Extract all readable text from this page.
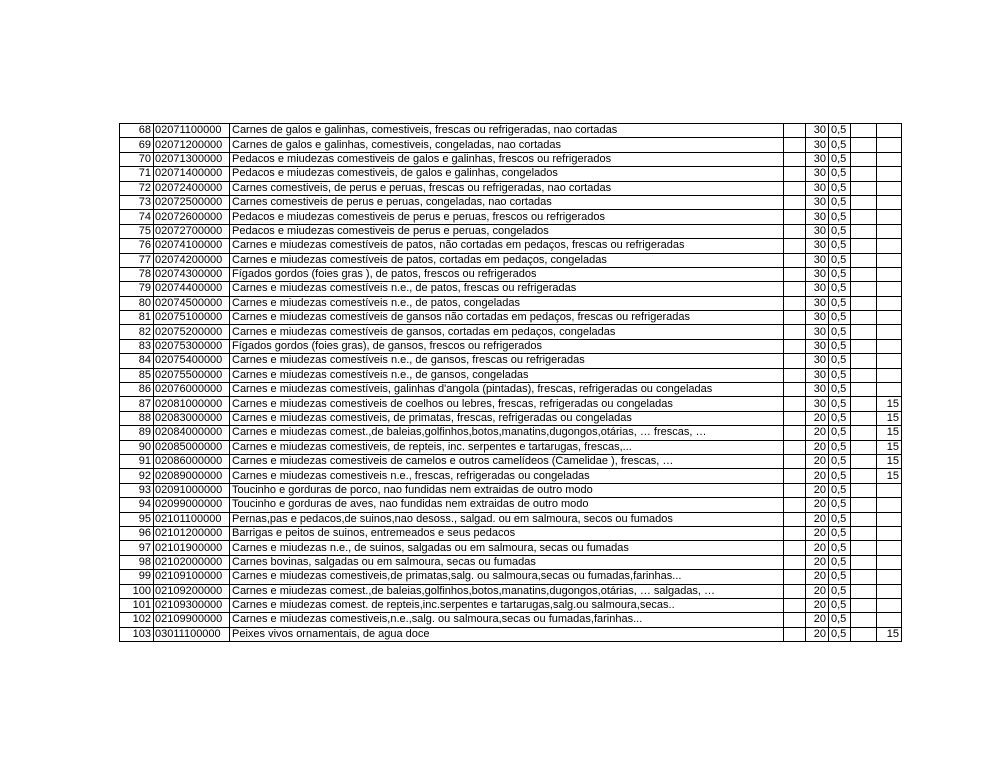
68	02071100000	Carnes de galos e galinhas, comestiveis, frescas ou refrigeradas, nao cortadas		30	0,5		
69	02071200000	Carnes de galos e galinhas, comestiveis, congeladas, nao cortadas		30	0,5		
70	02071300000	Pedacos e miudezas comestiveis de galos e galinhas, frescos ou refrigerados		30	0,5		
71	02071400000	Pedacos e miudezas comestiveis, de galos e galinhas, congelados		30	0,5		
72	02072400000	Carnes comestiveis, de perus e peruas, frescas ou refrigeradas, nao cortadas		30	0,5		
73	02072500000	Carnes comestiveis de perus e peruas, congeladas, nao cortadas		30	0,5		
74	02072600000	Pedacos e miudezas comestiveis de perus e peruas, frescos ou refrigerados		30	0,5		
75	02072700000	Pedacos e miudezas comestiveis de perus e peruas, congelados		30	0,5		
76	02074100000	Carnes e miudezas comestíveis de patos, não cortadas em pedaços, frescas ou refrigeradas		30	0,5		
77	02074200000	Carnes e miudezas comestíveis de patos, cortadas em pedaços, congeladas		30	0,5		
78	02074300000	Fígados gordos (foies gras ), de patos, frescos ou refrigerados		30	0,5		
79	02074400000	Carnes e miudezas comestíveis n.e., de patos, frescas ou refrigeradas		30	0,5		
80	02074500000	Carnes e miudezas comestíveis n.e., de patos, congeladas		30	0,5		
81	02075100000	Carnes e miudezas comestíveis de gansos não cortadas em pedaços, frescas ou refrigeradas		30	0,5		
82	02075200000	Carnes e miudezas comestíveis de gansos, cortadas em pedaços, congeladas		30	0,5		
83	02075300000	Fígados gordos (foies gras), de gansos, frescos ou refrigerados		30	0,5		
84	02075400000	Carnes e miudezas comestíveis n.e., de gansos, frescas ou refrigeradas		30	0,5		
85	02075500000	Carnes e miudezas comestíveis n.e., de gansos, congeladas		30	0,5		
86	02076000000	Carnes e miudezas comestíveis, galinhas d'angola (pintadas), frescas, refrigeradas ou congeladas		30	0,5		
87	02081000000	Carnes e miudezas comestiveis de coelhos ou lebres, frescas, refrigeradas ou congeladas		30	0,5		15
88	02083000000	Carnes e miudezas comestiveis, de primatas, frescas, refrigeradas ou congeladas		20	0,5		15
89	02084000000	Carnes e miudezas comest.,de baleias,golfinhos,botos,manatins,dugongos,otárias, … frescas, …		20	0,5		15
90	02085000000	Carnes e miudezas comestiveis, de repteis, inc. serpentes e tartarugas, frescas,...		20	0,5		15
91	02086000000	Carnes e miudezas comestiveis de camelos e outros camelídeos (Camelidae ), frescas, …		20	0,5		15
92	02089000000	Carnes e miudezas comestiveis n.e., frescas, refrigeradas ou congeladas		20	0,5		15
93	02091000000	Toucinho e gorduras de porco, nao fundidas nem extraidas de outro modo		20	0,5		
94	02099000000	Toucinho e gorduras de aves, nao fundidas nem extraidas de outro modo		20	0,5		
95	02101100000	Pernas,pas e pedacos,de suinos,nao desoss., salgad. ou em salmoura, secos ou fumados		20	0,5		
96	02101200000	Barrigas e peitos de suinos, entremeados e seus pedacos		20	0,5		
97	02101900000	Carnes e miudezas n.e., de suinos, salgadas ou em salmoura, secas ou fumadas		20	0,5		
98	02102000000	Carnes bovinas, salgadas ou em salmoura, secas ou fumadas		20	0,5		
99	02109100000	Carnes e miudezas comestiveis,de primatas,salg. ou salmoura,secas ou fumadas,farinhas...		20	0,5		
100	02109200000	Carnes e miudezas comest.,de baleias,golfinhos,botos,manatins,dugongos,otárias, … salgadas, …		20	0,5		
101	02109300000	Carnes e miudezas comest. de repteis,inc.serpentes e tartarugas,salg.ou salmoura,secas..		20	0,5		
102	02109900000	Carnes e miudezas comestiveis,n.e.,salg. ou salmoura,secas ou fumadas,farinhas...		20	0,5		
103	03011100000	Peixes vivos ornamentais, de agua doce		20	0,5		15
